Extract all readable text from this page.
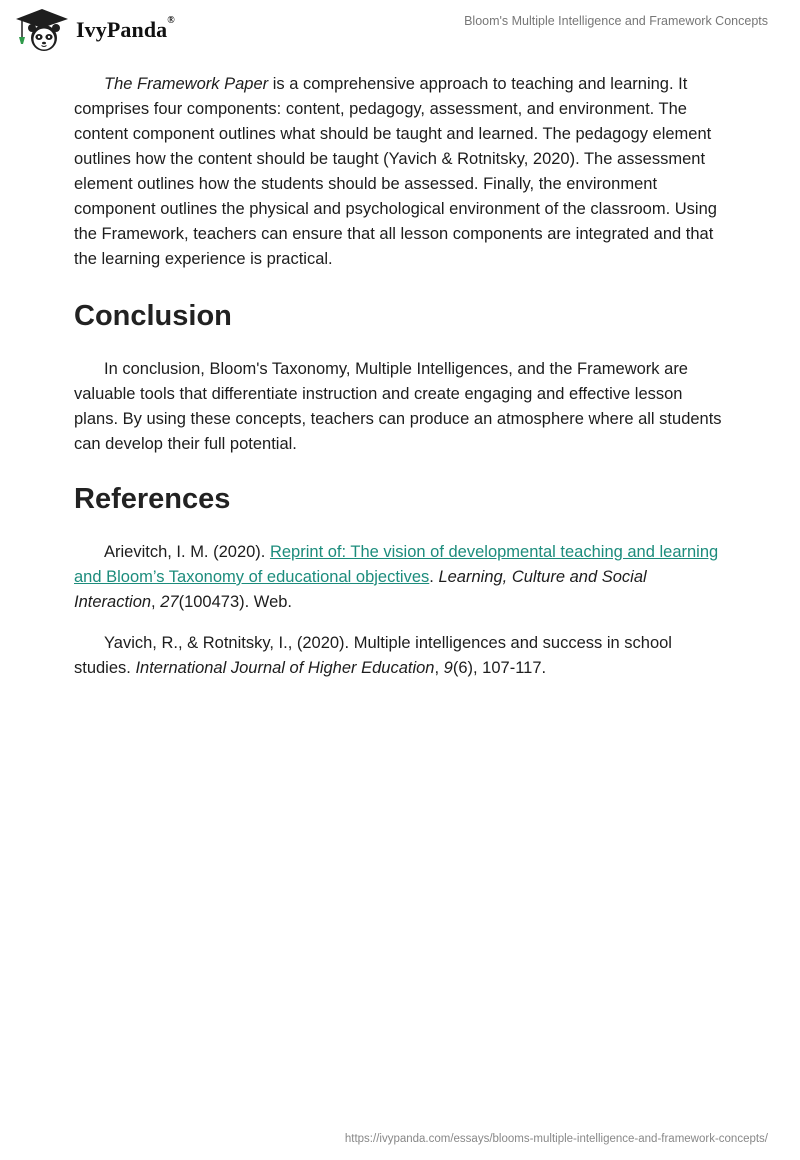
IvyPanda®	Bloom's Multiple Intelligence and Framework Concepts

The Framework Paper is a comprehensive approach to teaching and learning. It comprises four components: content, pedagogy, assessment, and environment. The content component outlines what should be taught and learned. The pedagogy element outlines how the content should be taught (Yavich & Rotnitsky, 2020). The assessment element outlines how the students should be assessed. Finally, the environment component outlines the physical and psychological environment of the classroom. Using the Framework, teachers can ensure that all lesson components are integrated and that the learning experience is practical.

Conclusion

In conclusion, Bloom's Taxonomy, Multiple Intelligences, and the Framework are valuable tools that differentiate instruction and create engaging and effective lesson plans. By using these concepts, teachers can produce an atmosphere where all students can develop their full potential.

References

Arievitch, I. M. (2020). Reprint of: The vision of developmental teaching and learning and Bloom’s Taxonomy of educational objectives. Learning, Culture and Social Interaction, 27(100473). Web.

Yavich, R., & Rotnitsky, I., (2020). Multiple intelligences and success in school studies. International Journal of Higher Education, 9(6), 107-117.

https://ivypanda.com/essays/blooms-multiple-intelligence-and-framework-concepts/
